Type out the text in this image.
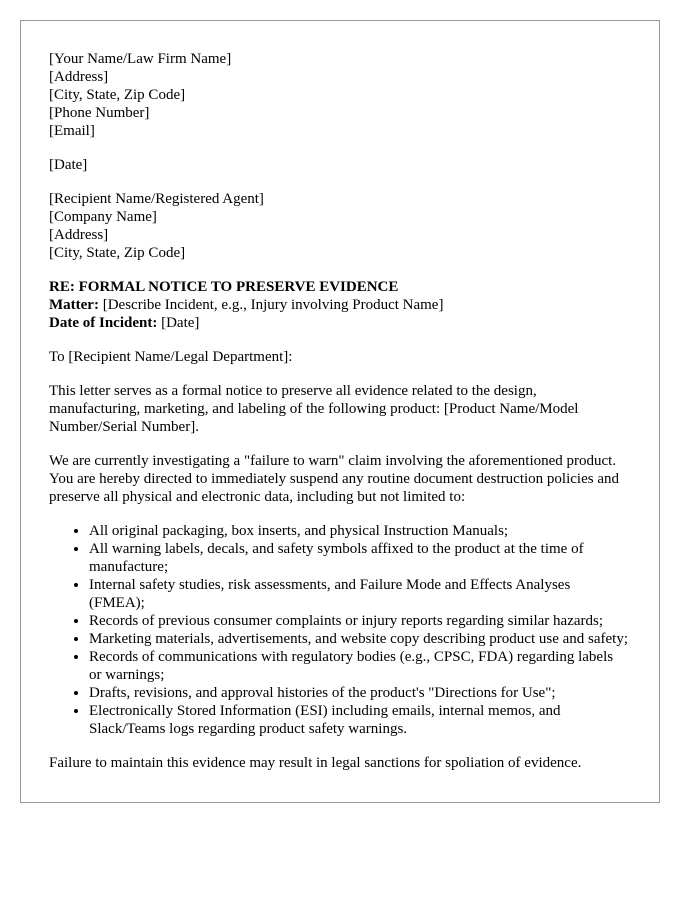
[Your Name/Law Firm Name]
[Address]
[City, State, Zip Code]
[Phone Number]
[Email]
[Date]
[Recipient Name/Registered Agent]
[Company Name]
[Address]
[City, State, Zip Code]
RE: FORMAL NOTICE TO PRESERVE EVIDENCE
Matter: [Describe Incident, e.g., Injury involving Product Name]
Date of Incident: [Date]

To [Recipient Name/Legal Department]:

This letter serves as a formal notice to preserve all evidence related to the design, manufacturing, marketing, and labeling of the following product: [Product Name/Model Number/Serial Number].

We are currently investigating a "failure to warn" claim involving the aforementioned product. You are hereby directed to immediately suspend any routine document destruction policies and preserve all physical and electronic data, including but not limited to:

• All original packaging, box inserts, and physical Instruction Manuals;
• All warning labels, decals, and safety symbols affixed to the product at the time of manufacture;
• Internal safety studies, risk assessments, and Failure Mode and Effects Analyses (FMEA);
• Records of previous consumer complaints or injury reports regarding similar hazards;
• Marketing materials, advertisements, and website copy describing product use and safety;
• Records of communications with regulatory bodies (e.g., CPSC, FDA) regarding labels or warnings;
• Drafts, revisions, and approval histories of the product's "Directions for Use";
• Electronically Stored Information (ESI) including emails, internal memos, and Slack/Teams logs regarding product safety warnings.

Failure to maintain this evidence may result in legal sanctions for spoliation of evidence.
